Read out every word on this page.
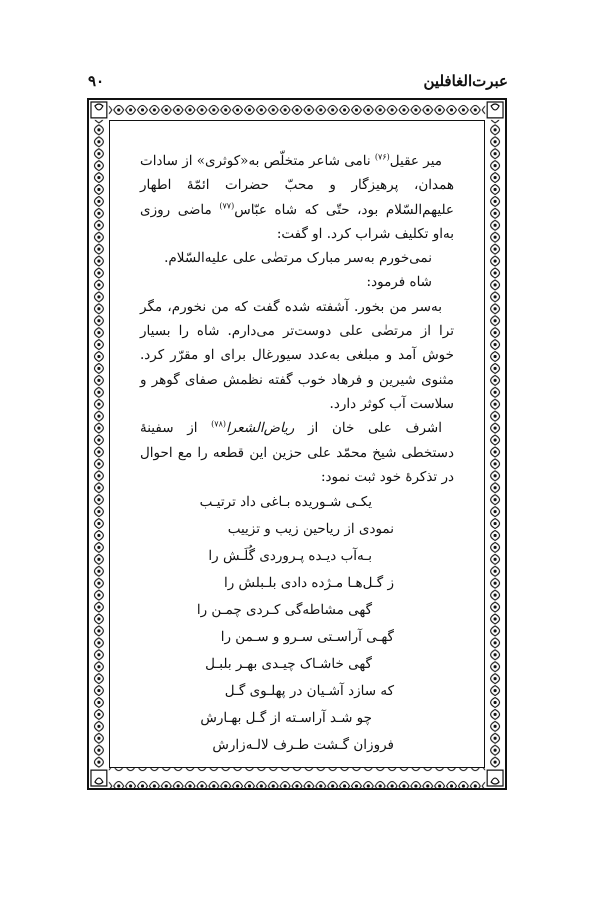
عبرت‌الغافلین
۹۰

میر عقیل$^{(۷۶)}$ نامی شاعر متخلّص به«کوثری» از سادات همدان، پرهیزگار و محبّ حضرات ائمّهٔ اطهار علیهم‌السّلام بود، حتّی که شاه عبّاس$^{(۷۷)}$ ماضی روزی به‌او تکلیف شراب کرد. او گفت:

نمی‌خورم به‌سر مبارک مرتضٰی علی علیه‌السّلام.

شاه فرمود:

به‌سر من بخور. آشفته شده گفت که من نخورم، مگر ترا از مرتضٰی علی دوست‌تر می‌دارم. شاه را بسیار خوش آمد و مبلغی به‌عدد سیورغال برای او مقرّر کرد. مثنوی شیرین و فرهاد خوب گفته نظمش صفای گوهر و سلاست آب کوثر دارد.

اشرف علی خان از ریاض‌الشعرا$^{(۷۸)}$ از سفینهٔ دستخطی شیخ محمّد علی حزین این قطعه را مع احوال در تذکرهٔ خود ثبت نمود:

یکـی شـوریده بـاغی داد ترتیـب
نمودی از ریاحین زیب و تزییب
بـه‌آب دیـده پـروردی گُلَـش را
ز گـل‌هـا مـژده دادی بلـبلش را
گهی مشاطه‌گی کـردی چمـن را
گهـی آراسـتی سـرو و سـمن را
گهی خاشـاک چیـدی بهـر بلبـل
که سازد آشـیان در پهلـوی گـل
چو شـد آراسـته از گـل بهـارش
فروزان گـشت طـرف لالـه‌زارش
